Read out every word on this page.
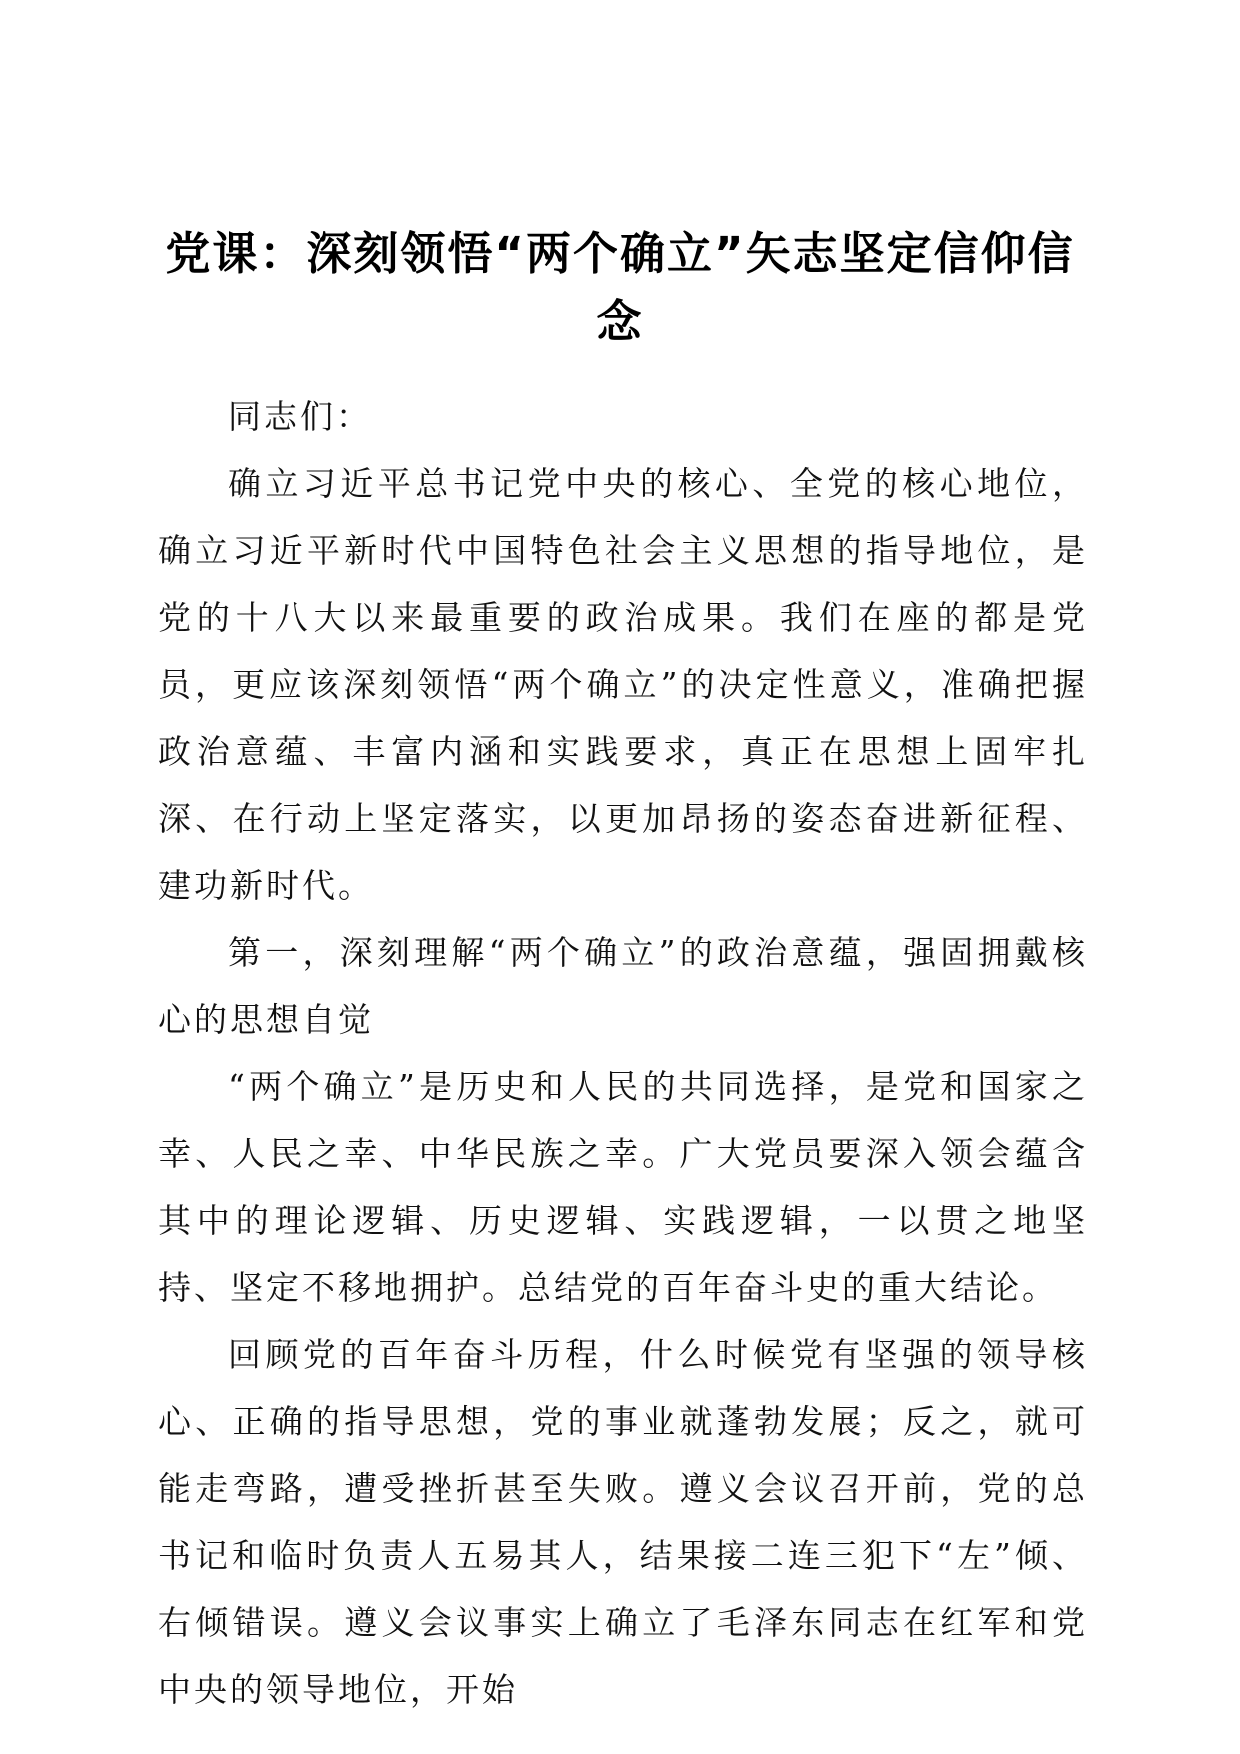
党课：深刻领悟“两个确立”矢志坚定信仰信念

同志们：

确立习近平总书记党中央的核心、全党的核心地位，确立习近平新时代中国特色社会主义思想的指导地位，是党的十八大以来最重要的政治成果。我们在座的都是党员，更应该深刻领悟“两个确立”的决定性意义，准确把握政治意蕴、丰富内涵和实践要求，真正在思想上固牢扎深、在行动上坚定落实，以更加昂扬的姿态奋进新征程、建功新时代。

第一，深刻理解“两个确立”的政治意蕴，强固拥戴核心的思想自觉

“两个确立”是历史和人民的共同选择，是党和国家之幸、人民之幸、中华民族之幸。广大党员要深入领会蕴含其中的理论逻辑、历史逻辑、实践逻辑，一以贯之地坚持、坚定不移地拥护。总结党的百年奋斗史的重大结论。

回顾党的百年奋斗历程，什么时候党有坚强的领导核心、正确的指导思想，党的事业就蓬勃发展；反之，就可能走弯路，遭受挫折甚至失败。遵义会议召开前，党的总书记和临时负责人五易其人，结果接二连三犯下“左”倾、右倾错误。遵义会议事实上确立了毛泽东同志在红军和党中央的领导地位，开始
